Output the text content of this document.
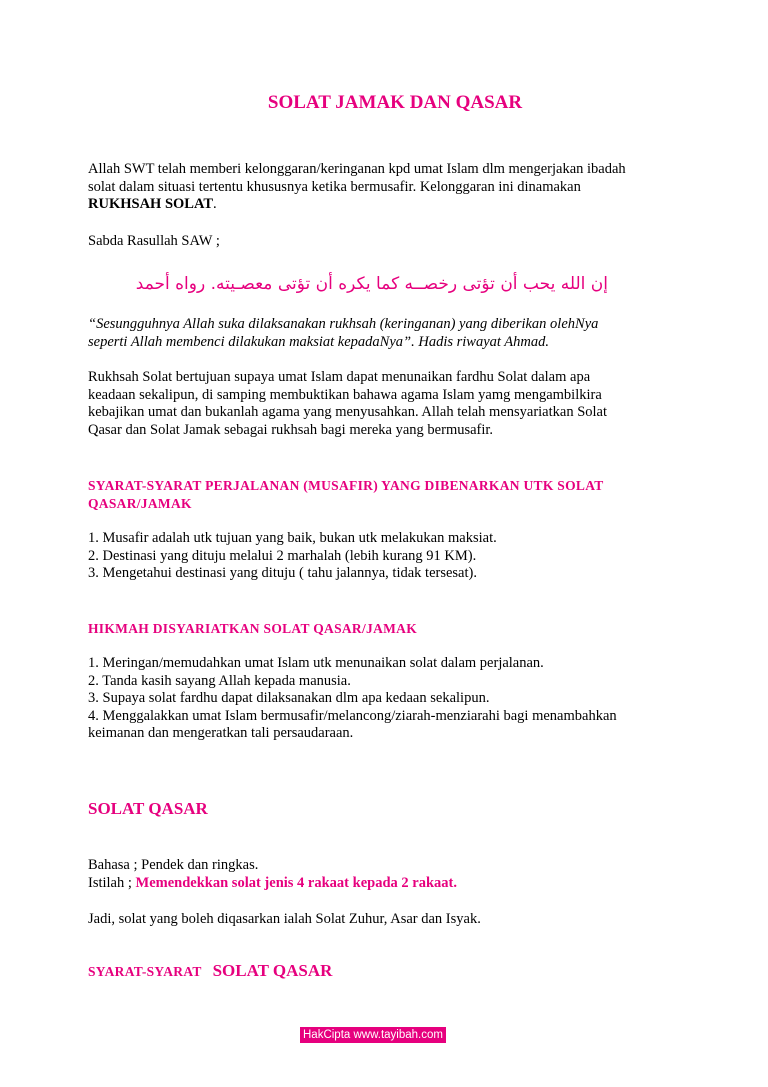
SOLAT JAMAK DAN QASAR
Allah SWT telah memberi kelonggaran/keringanan kpd umat Islam dlm mengerjakan ibadah
solat dalam situasi tertentu khususnya ketika bermusafir. Kelonggaran ini dinamakan
RUKHSAH SOLAT.
Sabda Rasullah SAW ;
إن الله يحب أن تؤتى رخصــه كما يكره أن تؤتى معصـيته. رواه أحمد
“Sesungguhnya Allah suka dilaksanakan rukhsah (keringanan) yang diberikan olehNya
seperti Allah membenci dilakukan maksiat kepadaNya”. Hadis riwayat Ahmad.
Rukhsah Solat bertujuan supaya umat Islam dapat menunaikan fardhu Solat dalam apa
keadaan sekalipun, di samping membuktikan bahawa agama Islam yamg mengambilkira
kebajikan umat dan bukanlah agama yang menyusahkan. Allah telah mensyariatkan Solat
Qasar dan Solat Jamak sebagai rukhsah bagi mereka yang bermusafir.
SYARAT-SYARAT PERJALANAN (MUSAFIR) YANG DIBENARKAN UTK SOLAT
QASAR/JAMAK
1. Musafir adalah utk tujuan yang baik, bukan utk melakukan maksiat.
2. Destinasi yang dituju melalui 2 marhalah (lebih kurang 91 KM).
3. Mengetahui destinasi yang dituju ( tahu jalannya, tidak tersesat).
HIKMAH DISYARIATKAN SOLAT QASAR/JAMAK
1. Meringan/memudahkan umat Islam utk menunaikan solat dalam perjalanan.
2. Tanda kasih sayang Allah kepada manusia.
3. Supaya solat fardhu dapat dilaksanakan dlm apa kedaan sekalipun.
4. Menggalakkan umat Islam bermusafir/melancong/ziarah-menziarahi bagi menambahkan
keimanan dan mengeratkan tali persaudaraan.
SOLAT QASAR
Bahasa ; Pendek dan ringkas.
Istilah ; Memendekkan solat jenis 4 rakaat kepada 2 rakaat.
Jadi, solat yang boleh diqasarkan ialah Solat Zuhur, Asar dan Isyak.
SYARAT-SYARAT SOLAT QASAR
HakCipta www.tayibah.com
